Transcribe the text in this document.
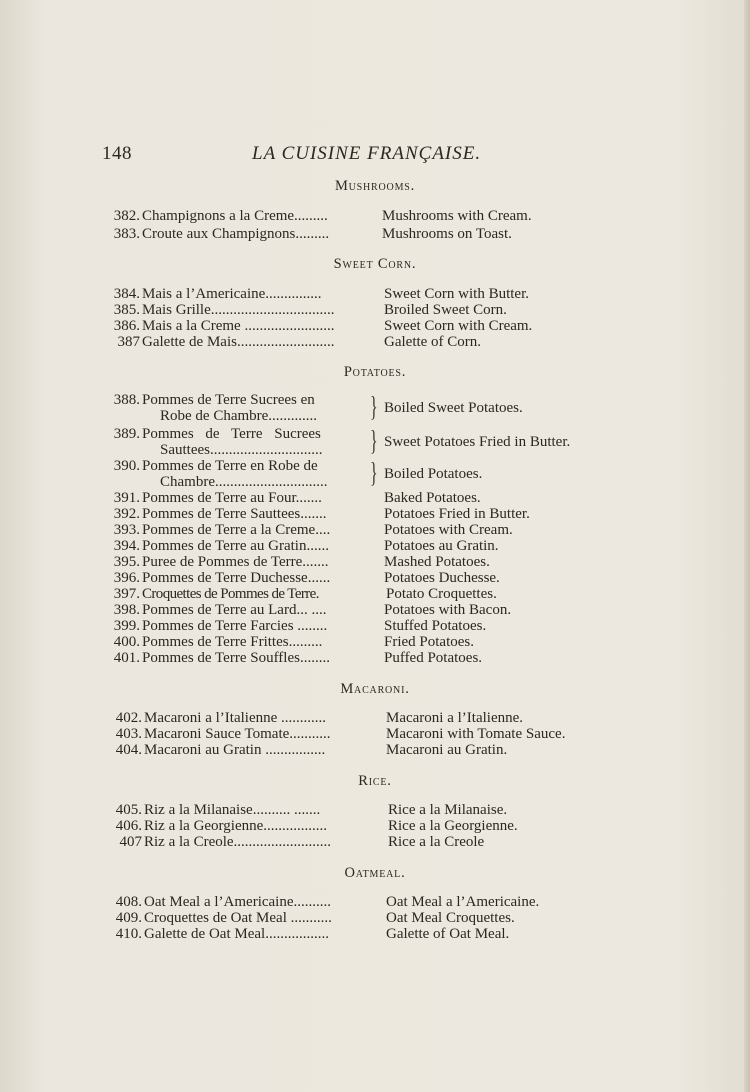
148	LA CUISINE FRANÇAISE.
Mushrooms.
382. Champignons a la Creme.........	Mushrooms with Cream.
383. Croute aux Champignons.........	Mushrooms on Toast.
Sweet Corn.
384. Mais a l’Americaine...............	Sweet Corn with Butter.
385. Mais Grille.................................	Broiled Sweet Corn.
386. Mais a la Creme ........................	Sweet Corn with Cream.
387 Galette de Mais..........................	Galette of Corn.
Potatoes.
388. Pommes de Terre Sucrees en
Robe de Chambre............. } Boiled Sweet Potatoes.
389. Pommes de Terre Sucrees
Sauttees.............................. } Sweet Potatoes Fried in Butter.
390. Pommes de Terre en Robe de
Chambre.............................. } Boiled Potatoes.
391. Pommes de Terre au Four.......	Baked Potatoes.
392. Pommes de Terre Sauttees.......	Potatoes Fried in Butter.
393. Pommes de Terre a la Creme....	Potatoes with Cream.
394. Pommes de Terre au Gratin......	Potatoes au Gratin.
395. Puree de Pommes de Terre.......	Mashed Potatoes.
396. Pommes de Terre Duchesse......	Potatoes Duchesse.
397. Croquettes de Pommes de Terre.	Potato Croquettes.
398. Pommes de Terre au Lard... ....	Potatoes with Bacon.
399. Pommes de Terre Farcies ........	Stuffed Potatoes.
400. Pommes de Terre Frittes.........	Fried Potatoes.
401. Pommes de Terre Souffles........	Puffed Potatoes.
Macaroni.
402. Macaroni a l’Italienne ............	Macaroni a l’Italienne.
403. Macaroni Sauce Tomate...........	Macaroni with Tomate Sauce.
404. Macaroni au Gratin ................	Macaroni au Gratin.
Rice.
405. Riz a la Milanaise.......... .......	Rice a la Milanaise.
406. Riz a la Georgienne.................	Rice a la Georgienne.
407 Riz a la Creole..........................	Rice a la Creole
Oatmeal.
408. Oat Meal a l’Americaine..........	Oat Meal a l’Americaine.
409. Croquettes de Oat Meal ...........	Oat Meal Croquettes.
410. Galette de Oat Meal.................	Galette of Oat Meal.
